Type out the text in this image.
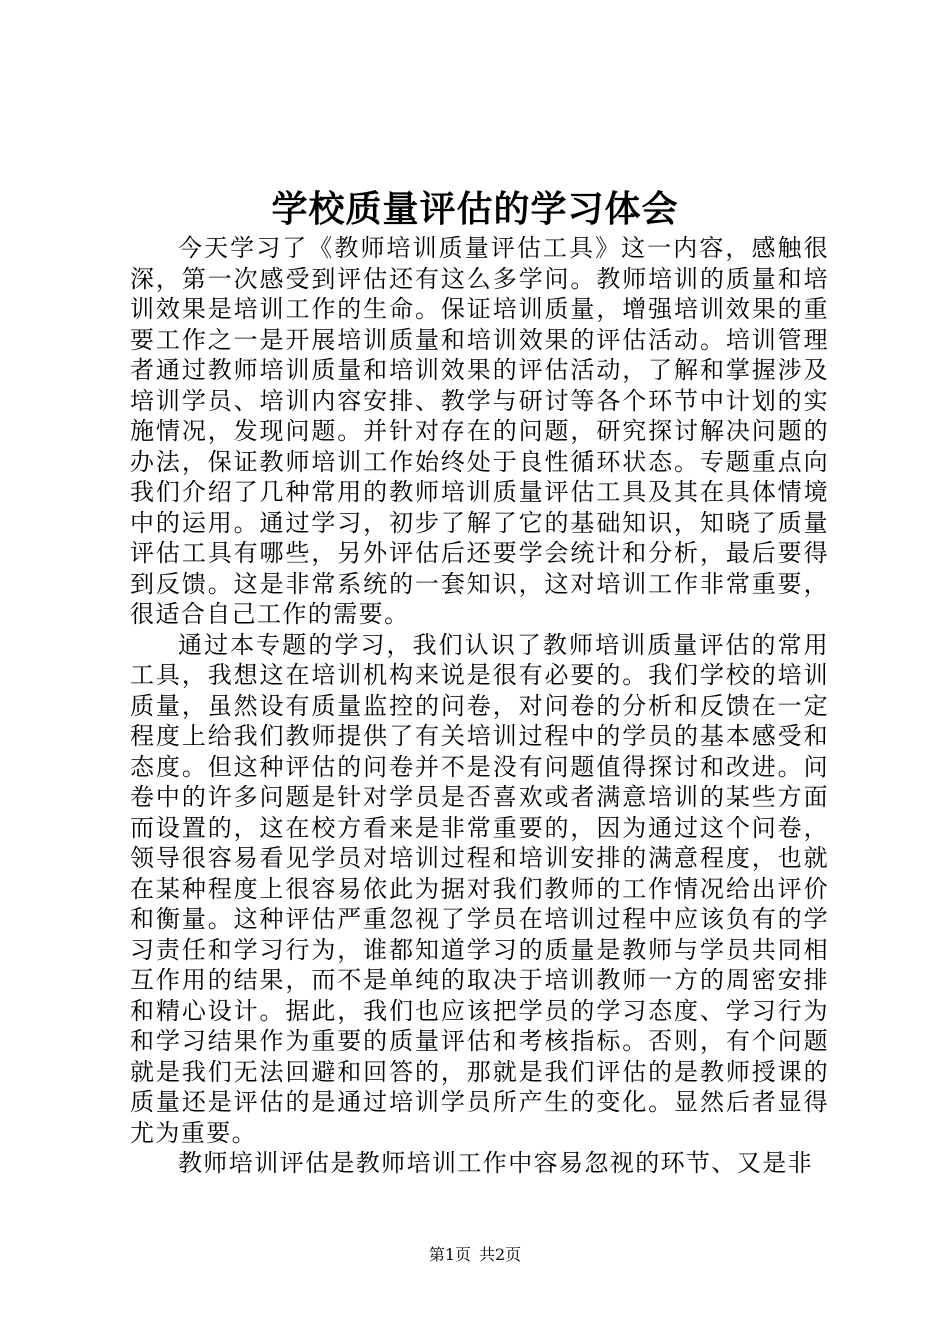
学校质量评估的学习体会

今天学习了《教师培训质量评估工具》这一内容，感触很深，第一次感受到评估还有这么多学问。教师培训的质量和培训效果是培训工作的生命。保证培训质量，增强培训效果的重要工作之一是开展培训质量和培训效果的评估活动。培训管理者通过教师培训质量和培训效果的评估活动，了解和掌握涉及培训学员、培训内容安排、教学与研讨等各个环节中计划的实施情况，发现问题。并针对存在的问题，研究探讨解决问题的办法，保证教师培训工作始终处于良性循环状态。专题重点向我们介绍了几种常用的教师培训质量评估工具及其在具体情境中的运用。通过学习，初步了解了它的基础知识，知晓了质量评估工具有哪些，另外评估后还要学会统计和分析，最后要得到反馈。这是非常系统的一套知识，这对培训工作非常重要，很适合自己工作的需要。

通过本专题的学习，我们认识了教师培训质量评估的常用工具，我想这在培训机构来说是很有必要的。我们学校的培训质量，虽然设有质量监控的问卷，对问卷的分析和反馈在一定程度上给我们教师提供了有关培训过程中的学员的基本感受和态度。但这种评估的问卷并不是没有问题值得探讨和改进。问卷中的许多问题是针对学员是否喜欢或者满意培训的某些方面而设置的，这在校方看来是非常重要的，因为通过这个问卷，领导很容易看见学员对培训过程和培训安排的满意程度，也就在某种程度上很容易依此为据对我们教师的工作情况给出评价和衡量。这种评估严重忽视了学员在培训过程中应该负有的学习责任和学习行为，谁都知道学习的质量是教师与学员共同相互作用的结果，而不是单纯的取决于培训教师一方的周密安排和精心设计。据此，我们也应该把学员的学习态度、学习行为和学习结果作为重要的质量评估和考核指标。否则，有个问题就是我们无法回避和回答的，那就是我们评估的是教师授课的质量还是评估的是通过培训学员所产生的变化。显然后者显得尤为重要。

教师培训评估是教师培训工作中容易忽视的环节、又是非

第1页 共2页
